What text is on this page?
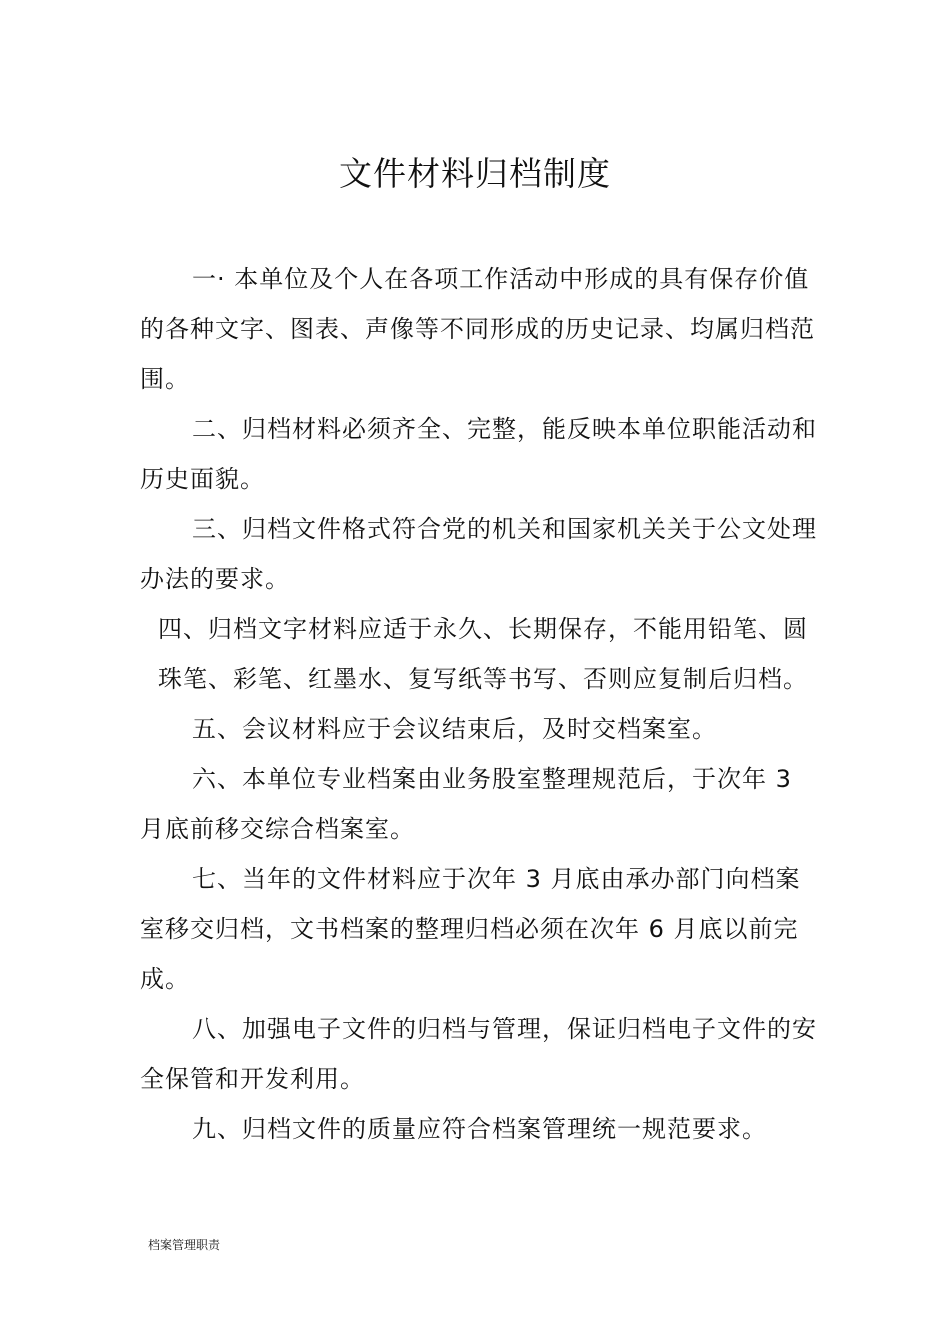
文件材料归档制度

一· 本单位及个人在各项工作活动中形成的具有保存价值的各种文字、图表、声像等不同形成的历史记录、均属归档范围。

二、归档材料必须齐全、完整，能反映本单位职能活动和历史面貌。

三、归档文件格式符合党的机关和国家机关关于公文处理办法的要求。

四、归档文字材料应适于永久、长期保存，不能用铅笔、圆珠笔、彩笔、红墨水、复写纸等书写、否则应复制后归档。

五、会议材料应于会议结束后，及时交档案室。

六、本单位专业档案由业务股室整理规范后，于次年 3 月底前移交综合档案室。

七、当年的文件材料应于次年 3 月底由承办部门向档案室移交归档，文书档案的整理归档必须在次年 6 月底以前完成。

八、加强电子文件的归档与管理，保证归档电子文件的安全保管和开发利用。

九、归档文件的质量应符合档案管理统一规范要求。

档案管理职责
